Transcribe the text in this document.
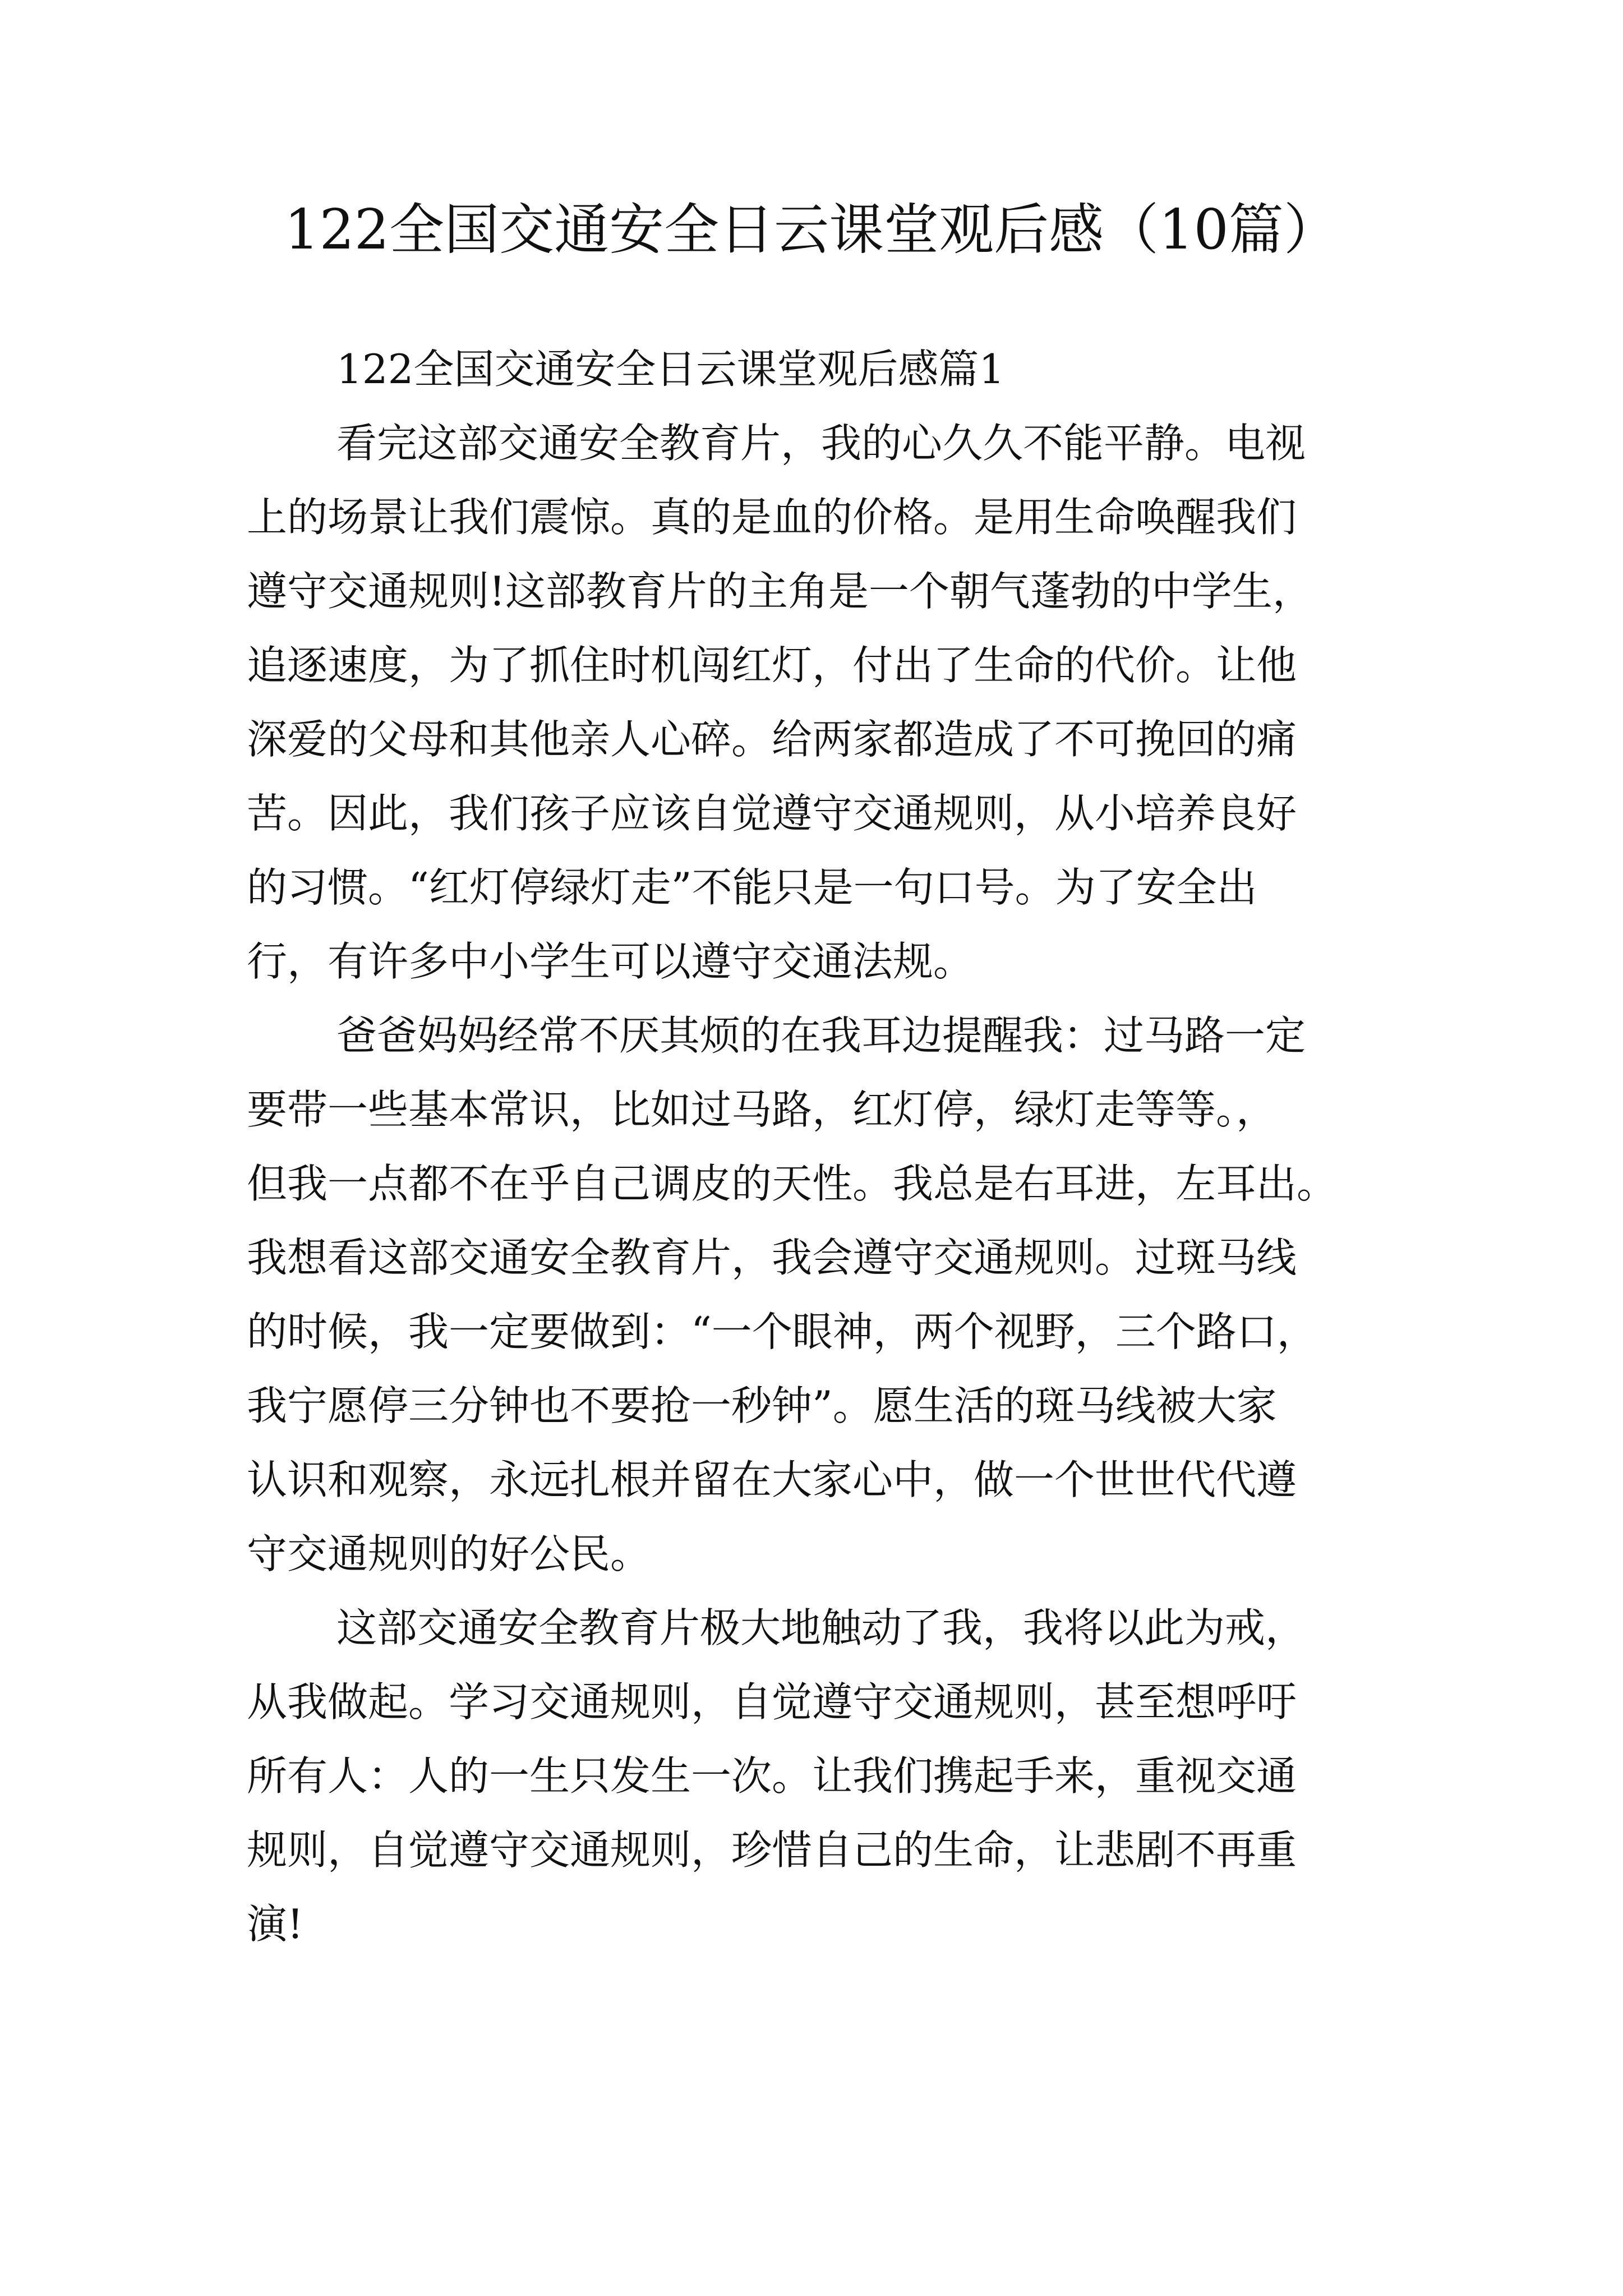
122全国交通安全日云课堂观后感（10篇）
122全国交通安全日云课堂观后感篇1

看完这部交通安全教育片，我的心久久不能平静。电视
上的场景让我们震惊。真的是血的价格。是用生命唤醒我们
遵守交通规则!这部教育片的主角是一个朝气蓬勃的中学生，
追逐速度，为了抓住时机闯红灯，付出了生命的代价。让他
深爱的父母和其他亲人心碎。给两家都造成了不可挽回的痛
苦。因此，我们孩子应该自觉遵守交通规则，从小培养良好
的习惯。“红灯停绿灯走”不能只是一句口号。为了安全出
行，有许多中小学生可以遵守交通法规。

爸爸妈妈经常不厌其烦的在我耳边提醒我：过马路一定
要带一些基本常识，比如过马路，红灯停，绿灯走等等。，
但我一点都不在乎自己调皮的天性。我总是右耳进，左耳出。
我想看这部交通安全教育片，我会遵守交通规则。过斑马线
的时候，我一定要做到：“一个眼神，两个视野，三个路口，
我宁愿停三分钟也不要抢一秒钟”。愿生活的斑马线被大家
认识和观察，永远扎根并留在大家心中，做一个世世代代遵
守交通规则的好公民。

这部交通安全教育片极大地触动了我，我将以此为戒，
从我做起。学习交通规则，自觉遵守交通规则，甚至想呼吁
所有人：人的一生只发生一次。让我们携起手来，重视交通
规则，自觉遵守交通规则，珍惜自己的生命，让悲剧不再重
演!
